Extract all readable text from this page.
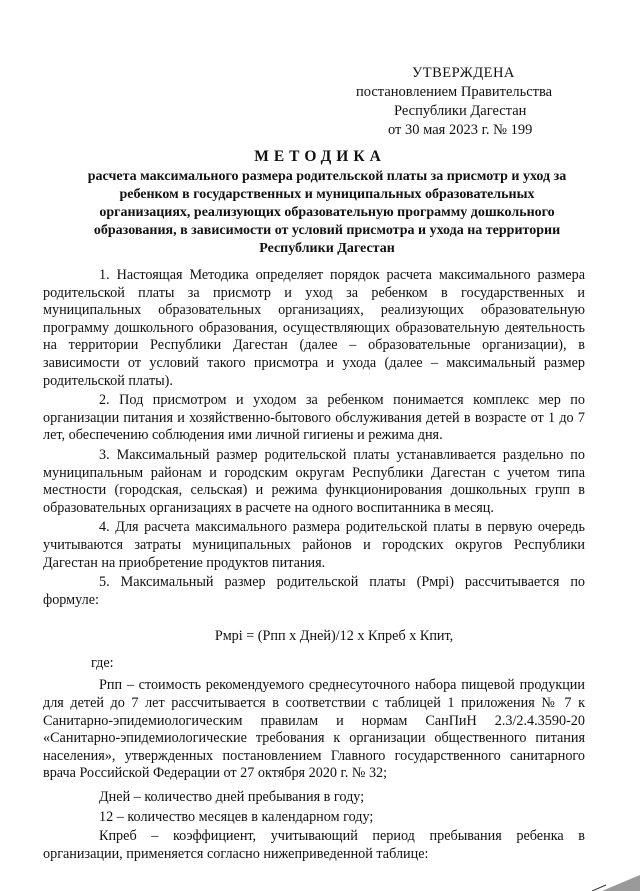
УТВЕРЖДЕНА
постановлением Правительства
Республики Дагестан
от 30 мая 2023 г. № 199
МЕТОДИКА
расчета максимального размера родительской платы за присмотр и уход за ребенком в государственных и муниципальных образовательных организациях, реализующих образовательную программу дошкольного образования, в зависимости от условий присмотра и ухода на территории Республики Дагестан

1. Настоящая Методика определяет порядок расчета максимального размера родительской платы за присмотр и уход за ребенком в государственных и муниципальных образовательных организациях, реализующих образовательную программу дошкольного образования, осуществляющих образовательную деятельность на территории Республики Дагестан (далее – образовательные организации), в зависимости от условий такого присмотра и ухода (далее – максимальный размер родительской платы).

2. Под присмотром и уходом за ребенком понимается комплекс мер по организации питания и хозяйственно-бытового обслуживания детей в возрасте от 1 до 7 лет, обеспечению соблюдения ими личной гигиены и режима дня.

3. Максимальный размер родительской платы устанавливается раздельно по муниципальным районам и городским округам Республики Дагестан с учетом типа местности (городская, сельская) и режима функционирования дошкольных групп в образовательных организациях в расчете на одного воспитанника в месяц.

4. Для расчета максимального размера родительской платы в первую очередь учитываются затраты муниципальных районов и городских округов Республики Дагестан на приобретение продуктов питания.

5. Максимальный размер родительской платы (Рмрi) рассчитывается по формуле:

Рмрi = (Рпп x Дней)/12 x Кпреб x Кпит,

где:

Рпп – стоимость рекомендуемого среднесуточного набора пищевой продукции для детей до 7 лет рассчитывается в соответствии с таблицей 1 приложения № 7 к Санитарно-эпидемиологическим правилам и нормам СанПиН 2.3/2.4.3590-20 «Санитарно-эпидемиологические требования к организации общественного питания населения», утвержденных постановлением Главного государственного санитарного врача Российской Федерации от 27 октября 2020 г. № 32;

Дней – количество дней пребывания в году;

12 – количество месяцев в календарном году;

Кпреб – коэффициент, учитывающий период пребывания ребенка в организации, применяется согласно нижеприведенной таблице:
